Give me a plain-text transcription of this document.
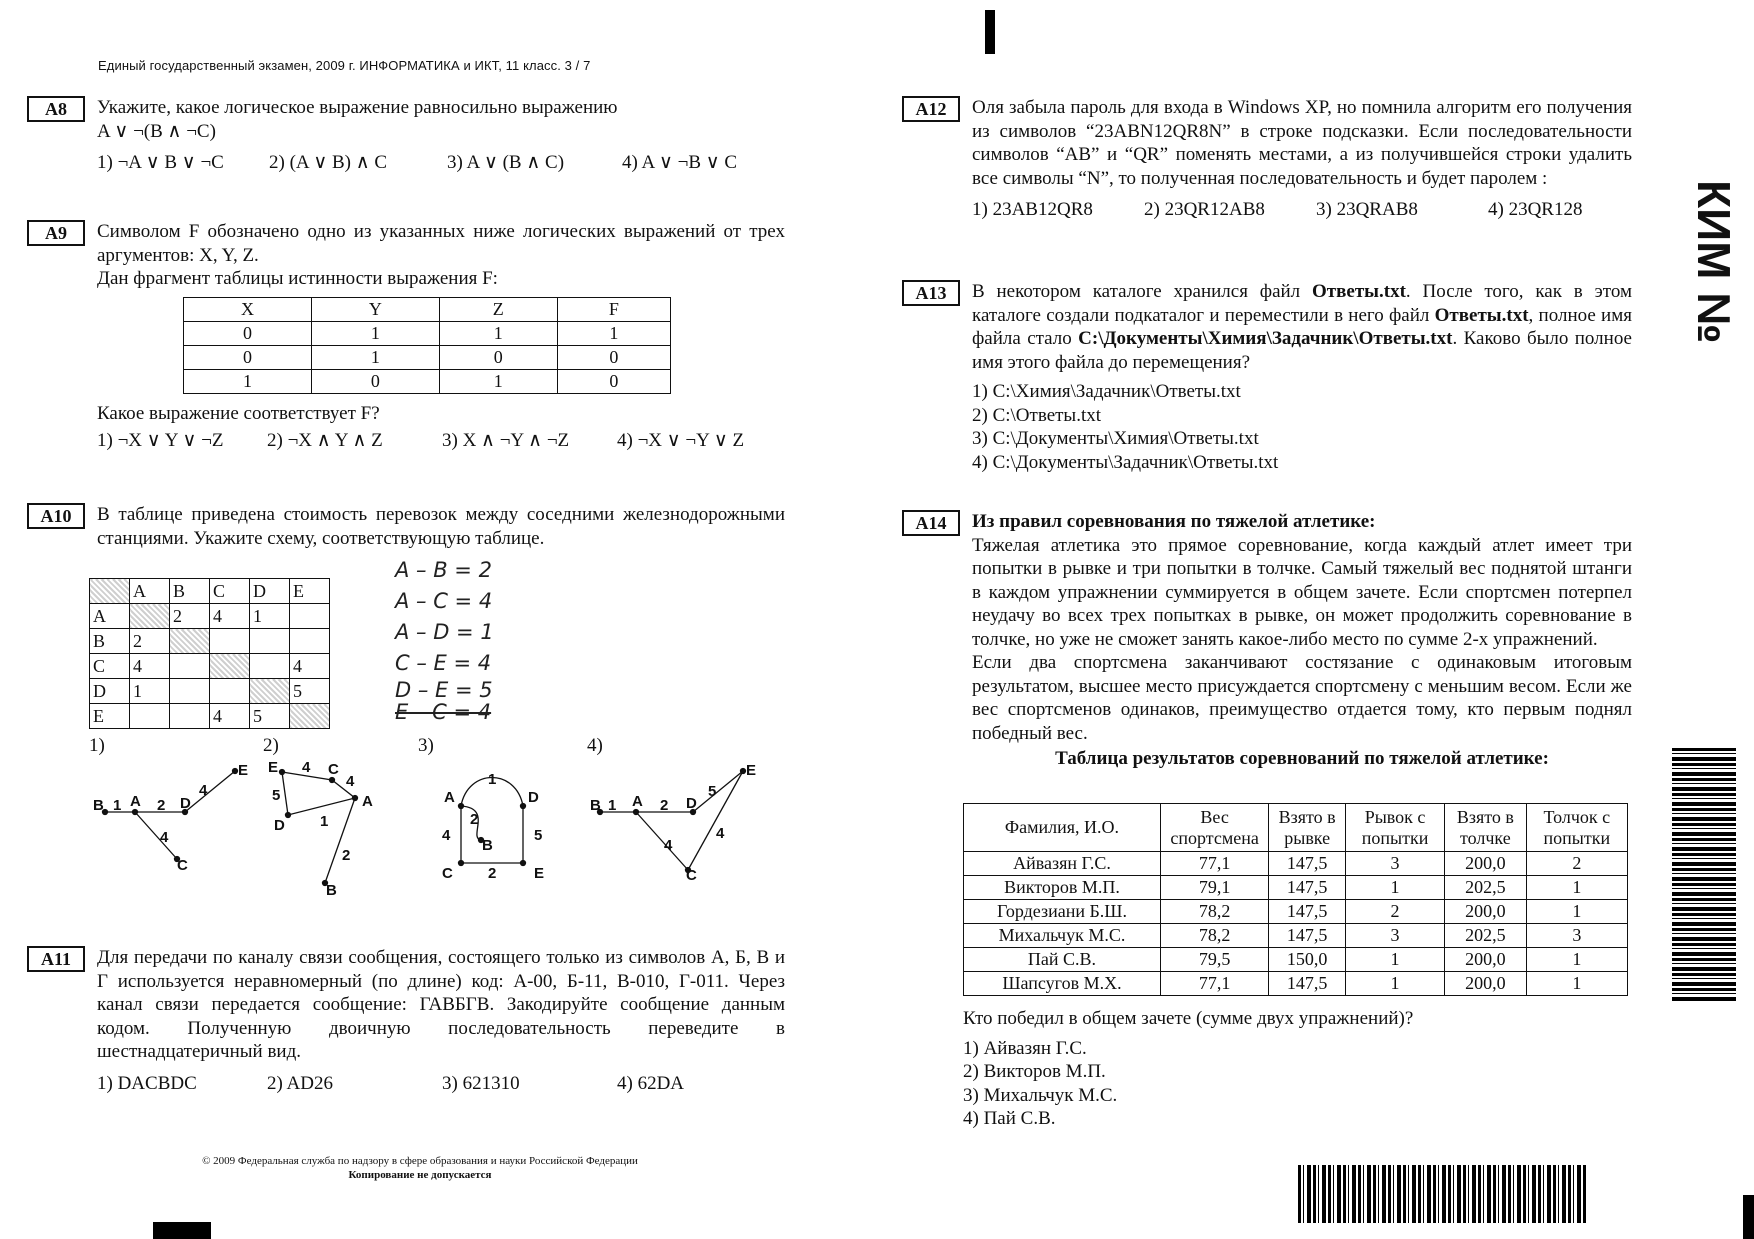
Единый государственный экзамен, 2009 г. ИНФОРМАТИКА и ИКТ, 11 класс. 3 / 7
A8	Укажите, какое логическое выражение равносильно выражению

A ∨ ¬(B ∧ ¬C)

1) ¬A ∨ B ∨ ¬C	2) (A ∨ B) ∧ C	3) A ∨ (B ∧ C)	4) A ∨ ¬B ∨ C
A9	Символом F обозначено одно из указанных ниже логических выражений от трех аргументов: X, Y, Z.

Дан фрагмент таблицы истинности выражения F:

X	Y	Z	F
0	1	1	1
0	1	0	0
1	0	1	0

Какое выражение соответствует F?

1) ¬X ∨ Y ∨ ¬Z	2) ¬X ∧ Y ∧ Z	3) X ∧ ¬Y ∧ ¬Z	4) ¬X ∨ ¬Y ∨ Z
A10	В таблице приведена стоимость перевозок между соседними железнодорожными станциями. Укажите схему, соответствующую таблице.

	A	B	C	D	E
A		2	4	1	
B	2				
C	4				4
D	1				5
E			4	5	
A – B = 2
A – C = 4
A – D = 1
C – E = 4
D – E = 5
E – C = 4
1)	2)	3)	4)
B 1 A 2 D
E
4
4
C
E 4 C
4
A
5
D 1
2
B
1
A	D
2
4
B
5
C 2	E
B 1 A 2 D
E
5
4
4
C
A11	Для передачи по каналу связи сообщения, состоящего только из символов А, Б, В и Г используется неравномерный (по длине) код: А-00, Б-11, В-010, Г-011. Через канал связи передается сообщение: ГАВБГВ. Закодируйте сообщение данным кодом. Полученную двоичную последовательность переведите в шестнадцатеричный вид.

1) DACBDC	2) AD26	3) 621310	4) 62DA
© 2009 Федеральная служба по надзору в сфере образования и науки Российской Федерации
Копирование не допускается
A12	Оля забыла пароль для входа в Windows XP, но помнила алгоритм его получения из символов “23ABN12QR8N” в строке подсказки. Если последовательности символов “AB” и “QR” поменять местами, а из получившейся строки удалить все символы “N”, то полученная последовательность и будет паролем :

1) 23AB12QR8	2) 23QR12AB8	3) 23QRAB8	4) 23QR128
A13	В некотором каталоге хранился файл Ответы.txt. После того, как в этом каталоге создали подкаталог и переместили в него файл Ответы.txt, полное имя файла стало C:\Документы\Химия\Задачник\Ответы.txt. Каково было полное имя этого файла до перемещения?

1) C:\Химия\Задачник\Ответы.txt
2) C:\Ответы.txt
3) C:\Документы\Химия\Ответы.txt
4) C:\Документы\Задачник\Ответы.txt
A14	Из правил соревнования по тяжелой атлетике:

Тяжелая атлетика это прямое соревнование, когда каждый атлет имеет три попытки в рывке и три попытки в толчке. Самый тяжелый вес поднятой штанги в каждом упражнении суммируется в общем зачете. Если спортсмен потерпел неудачу во всех трех попытках в рывке, он может продолжить соревнование в толчке, но уже не сможет занять какое-либо место по сумме 2-х упражнений.

Если два спортсмена заканчивают состязание с одинаковым итоговым результатом, высшее место присуждается спортсмену с меньшим весом. Если же вес спортсменов одинаков, преимущество отдается тому, кто первым поднял победный вес.

Таблица результатов соревнований по тяжелой атлетике:

Фамилия, И.О.	Вес спортсмена	Взято в рывке	Рывок с попытки	Взято в толчке	Толчок с попытки
Айвазян Г.С.	77,1	147,5	3	200,0	2
Викторов М.П.	79,1	147,5	1	202,5	1
Гордезиани Б.Ш.	78,2	147,5	2	200,0	1
Михальчук М.С.	78,2	147,5	3	202,5	3
Пай С.В.	79,5	150,0	1	200,0	1
Шапсугов М.Х.	77,1	147,5	1	200,0	1

Кто победил в общем зачете (сумме двух упражнений)?

1) Айвазян Г.С.
2) Викторов М.П.
3) Михальчук М.С.
4) Пай С.В.
КИМ №
